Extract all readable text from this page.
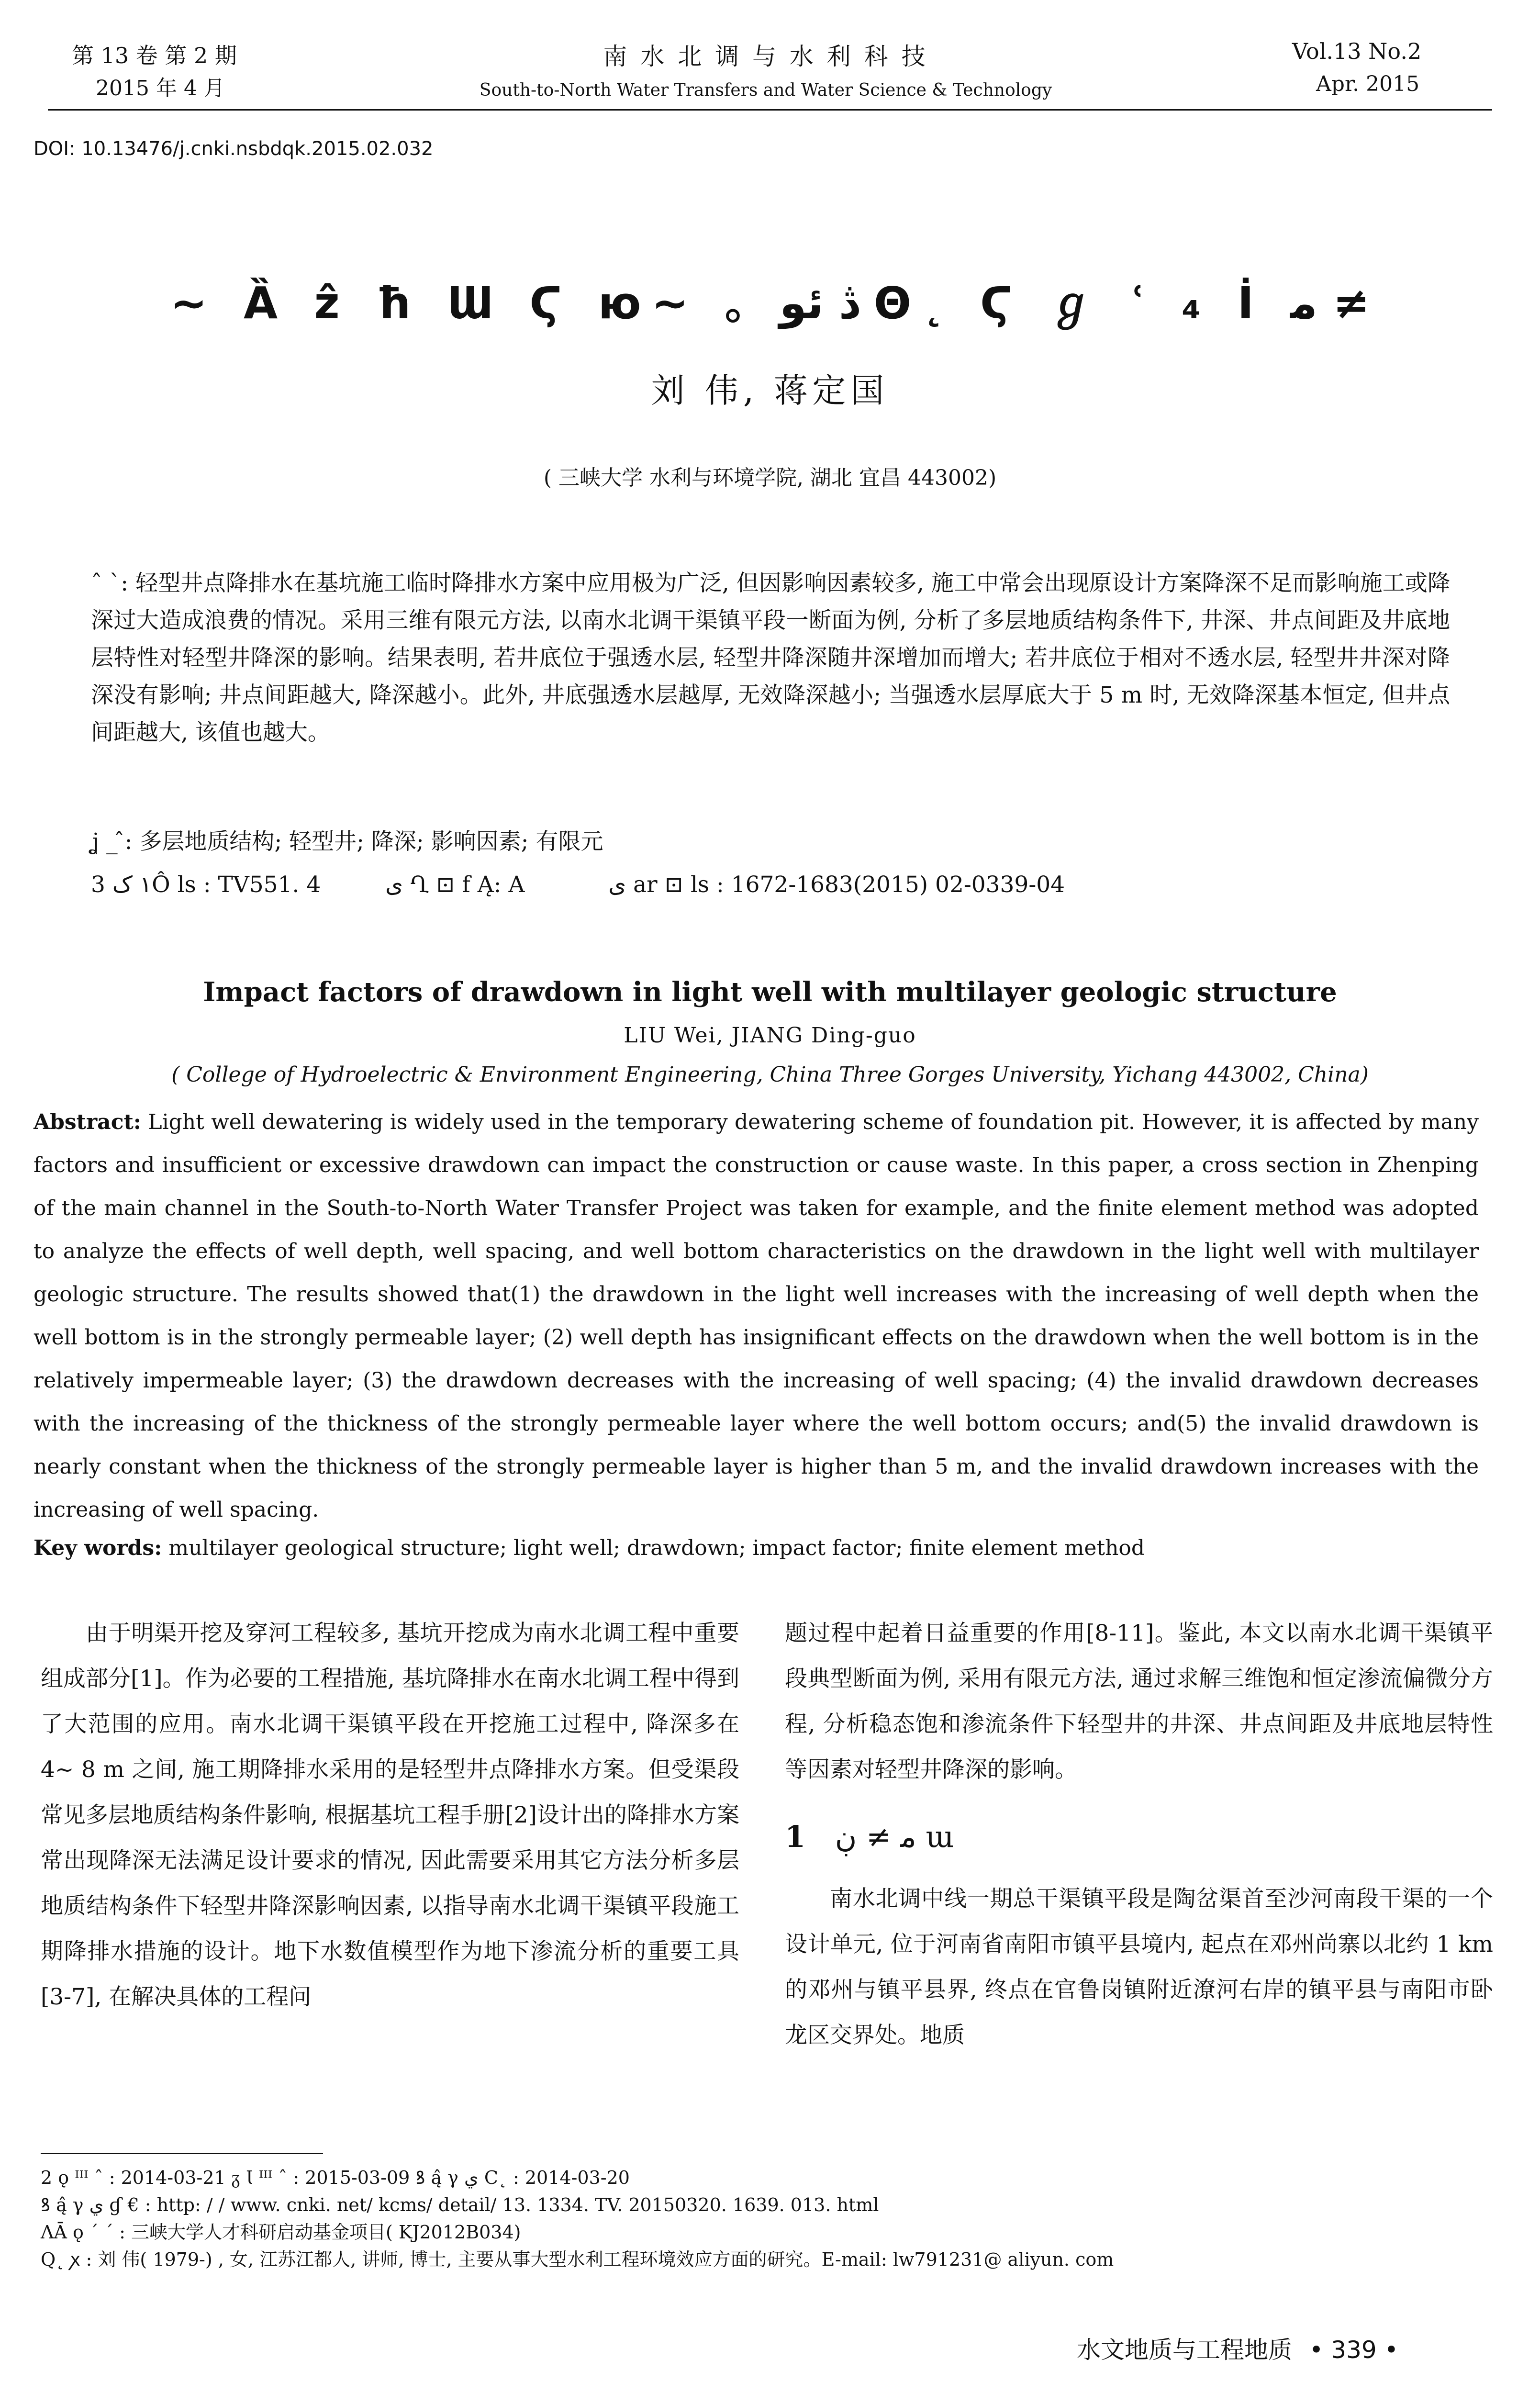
第 13 卷 第 2 期
2015 年 4 月
南 水 北 调 与 水 利 科 技
South-to-North Water Transfers and Water Science & Technology
Vol.13 No.2
Apr. 2015
DOI: 10.13476/j.cnki.nsbdqk.2015.02.032
~ Ȁ ẑ ħ Ɯ Ϛ ю~ 。ڎ ئو Θ˛ Ϛ ℊ ʿ ₄ İ ﻣ ≠
刘 伟, 蒋定国
( 三峡大学 水利与环境学院, 湖北 宜昌 443002)

ˆ ˋ: 轻型井点降排水在基坑施工临时降排水方案中应用极为广泛, 但因影响因素较多, 施工中常会出现原设计方案降深不足而影响施工或降深过大造成浪费的情况。采用三维有限元方法, 以南水北调干渠镇平段一断面为例, 分析了多层地质结构条件下, 井深、井点间距及井底地层特性对轻型井降深的影响。结果表明, 若井底位于强透水层, 轻型井降深随井深增加而增大; 若井底位于相对不透水层, 轻型井井深对降深没有影响; 井点间距越大, 降深越小。此外, 井底强透水层越厚, 无效降深越小; 当强透水层厚底大于 5 m 时, 无效降深基本恒定, 但井点间距越大, 该值也越大。

ʝ _ ̂: 多层地质结构; 轻型井; 降深; 影响因素; 有限元
3 ١ کÔ ls : TV551. 4	ى Ղ ⊡ f Ą: A	ى ar ⊡ ls : 1672-1683(2015) 02-0339-04
Impact factors of drawdown in light well with multilayer geologic structure
LIU Wei, JIANG Ding-guo
( College of Hydroelectric & Environment Engineering, China Three Gorges University, Yichang 443002, China)
Abstract: Light well dewatering is widely used in the temporary dewatering scheme of foundation pit. However, it is affected by many factors and insufficient or excessive drawdown can impact the construction or cause waste. In this paper, a cross section in Zhenping of the main channel in the South-to-North Water Transfer Project was taken for example, and the finite element method was adopted to analyze the effects of well depth, well spacing, and well bottom characteristics on the drawdown in the light well with multilayer geologic structure. The results showed that(1) the drawdown in the light well increases with the increasing of well depth when the well bottom is in the strongly permeable layer; (2) well depth has insignificant effects on the drawdown when the well bottom is in the relatively impermeable layer; (3) the drawdown decreases with the increasing of well spacing; (4) the invalid drawdown decreases with the increasing of the thickness of the strongly permeable layer where the well bottom occurs; and(5) the invalid drawdown is nearly constant when the thickness of the strongly permeable layer is higher than 5 m, and the invalid drawdown increases with the increasing of well spacing.
Key words: multilayer geological structure; light well; drawdown; impact factor; finite element method

由于明渠开挖及穿河工程较多, 基坑开挖成为南水北调工程中重要组成部分[1]。作为必要的工程措施, 基坑降排水在南水北调工程中得到了大范围的应用。南水北调干渠镇平段在开挖施工过程中, 降深多在 4~ 8 m 之间, 施工期降排水采用的是轻型井点降排水方案。但受渠段常见多层地质结构条件影响, 根据基坑工程手册[2]设计出的降排水方案常出现降深无法满足设计要求的情况, 因此需要采用其它方法分析多层地质结构条件下轻型井降深影响因素, 以指导南水北调干渠镇平段施工期降排水措施的设计。地下水数值模型作为地下渗流分析的重要工具[3-7], 在解决具体的工程问

题过程中起着日益重要的作用[8-11]。鉴此, 本文以南水北调干渠镇平段典型断面为例, 采用有限元方法, 通过求解三维饱和恒定渗流偏微分方程, 分析稳态饱和渗流条件下轻型井的井深、井点间距及井底地层特性等因素对轻型井降深的影响。

1 ﻣ ≠ ڹ ɯ

南水北调中线一期总干渠镇平段是陶岔渠首至沙河南段干渠的一个设计单元, 位于河南省南阳市镇平县境内, 起点在邓州尚寨以北约 1 km 的邓州与镇平县界, 终点在官鲁岗镇附近潦河右岸的镇平县与南阳市卧龙区交界处。地质

2 ǫ ᴵᴵᴵ ˆ : 2014-03-21 ᵹ Ɩ ᴵᴵᴵ ˆ : 2015-03-09 ꝸ ą̂ γ ي Ⅽ˛ : 2014-03-20
ꝸ ą̂ γ ي ɠ € : http: / / www. cnki. net/ kcms/ detail/ 13. 1334. TV. 20150320. 1639. 013. html
ɅĀ ǫ ˊ ˊ : 三峡大学人才科研启动基金项目( KJ2012B034)
Q˛ ꭗ : 刘 伟( 1979-) , 女, 江苏江都人, 讲师, 博士, 主要从事大型水利工程环境效应方面的研究。E-mail: lw791231@ aliyun. com
水文地质与工程地质 • 339 •
